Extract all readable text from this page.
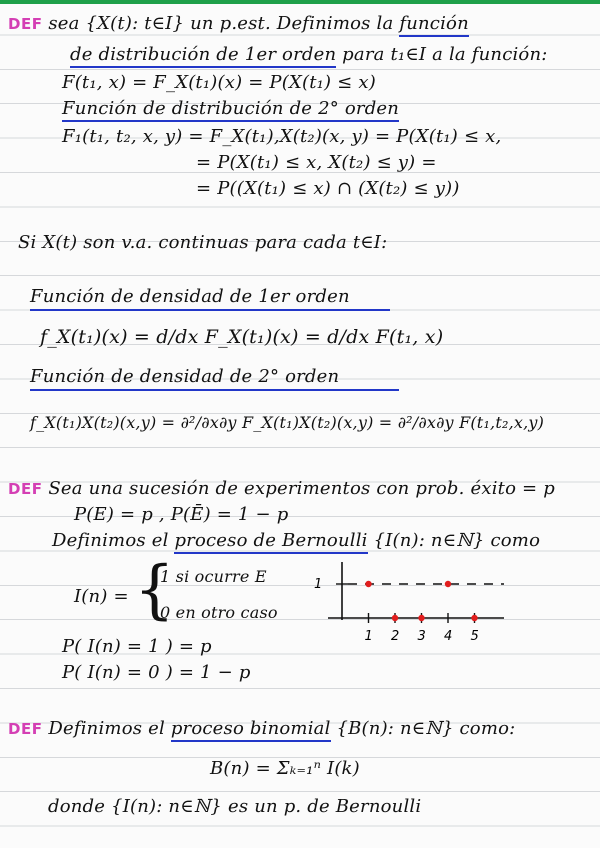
DEF sea {X(t): t∈I} un p.est. Definimos la función
de distribución de 1er orden para t₁∈I a la función:
F(t₁, x) = F_X(t₁)(x) = P(X(t₁) ≤ x)
Función de distribución de 2° orden
F₁(t₁, t₂, x, y) = F_X(t₁),X(t₂)(x, y) = P(X(t₁) ≤ x,
= P(X(t₁) ≤ x, X(t₂) ≤ y) =
= P((X(t₁) ≤ x) ∩ (X(t₂) ≤ y))
Si X(t) son v.a. continuas para cada t∈I:
Función de densidad de 1er orden
f_X(t₁)(x) = d/dx F_X(t₁)(x) = d/dx F(t₁, x)
Función de densidad de 2° orden
f_X(t₁)X(t₂)(x,y) = ∂²/∂x∂y F_X(t₁)X(t₂)(x,y) = ∂²/∂x∂y F(t₁,t₂,x,y)
DEF Sea una sucesión de experimentos con prob. éxito = p
P(E) = p , P(Ē) = 1 − p
Definimos el proceso de Bernoulli {I(n): n∈ℕ} como
I(n) = {
1 si ocurre E
0 en otro caso
P( I(n) = 1 ) = p
P( I(n) = 0 ) = 1 − p
1
1 2 3 4 5
DEF Definimos el proceso binomial {B(n): n∈ℕ} como:
B(n) = Σₖ₌₁ⁿ I(k)
donde {I(n): n∈ℕ} es un p. de Bernoulli
